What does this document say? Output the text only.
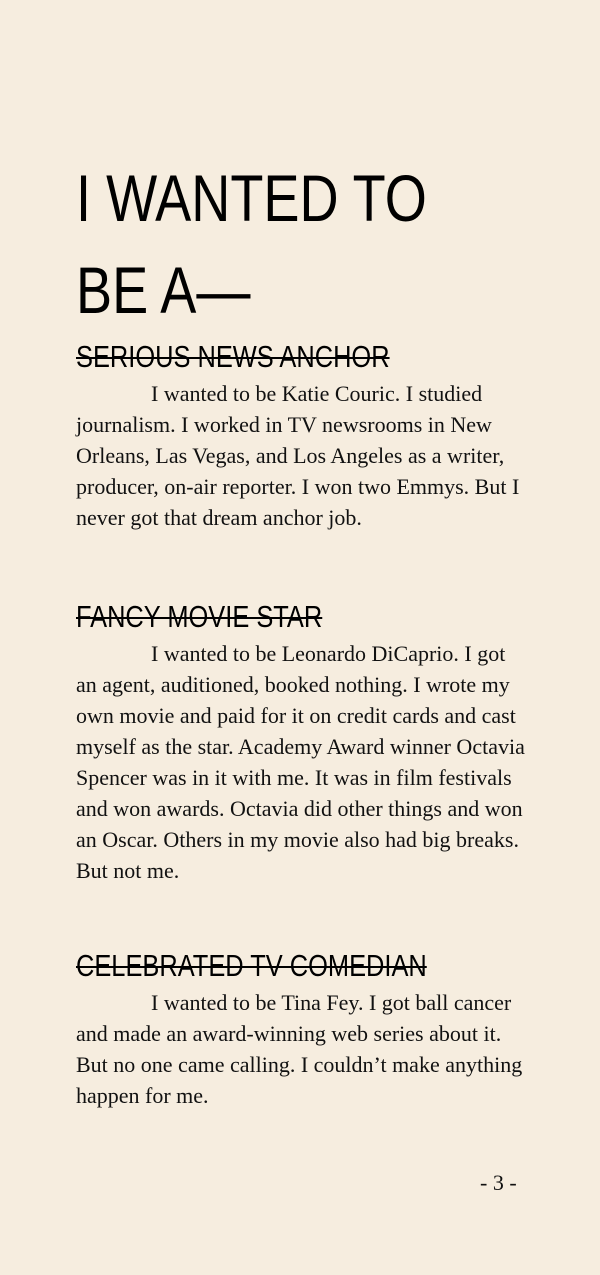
I WANTED TO BE A—
SERIOUS NEWS ANCHOR

I wanted to be Katie Couric. I studied journalism. I worked in TV newsrooms in New Orleans, Las Vegas, and Los Angeles as a writer, producer, on-air reporter. I won two Emmys. But I never got that dream anchor job.

FANCY MOVIE STAR

I wanted to be Leonardo DiCaprio. I got an agent, auditioned, booked nothing. I wrote my own movie and paid for it on credit cards and cast myself as the star. Academy Award winner Octavia Spencer was in it with me. It was in film festivals and won awards. Octavia did other things and won an Oscar. Others in my movie also had big breaks. But not me.

CELEBRATED TV COMEDIAN

I wanted to be Tina Fey. I got ball cancer and made an award-winning web series about it. But no one came calling. I couldn’t make anything happen for me.

- 3 -
